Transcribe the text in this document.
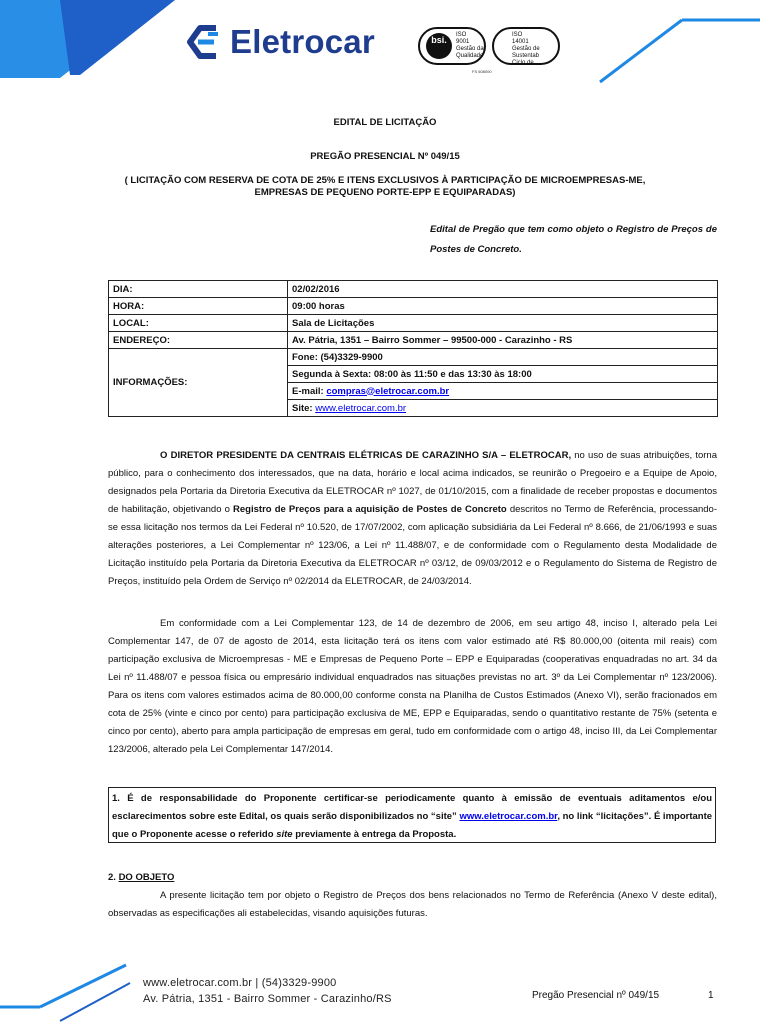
Eletrocar	bsi.	ISO
9001
Gestão da
Qualidade
ISO
14001
Gestão de
Sustentab
Ciclo de
FS 608000
EDITAL DE LICITAÇÃO
PREGÃO PRESENCIAL Nº 049/15
( LICITAÇÃO COM RESERVA DE COTA DE 25% E ITENS EXCLUSIVOS À PARTICIPAÇÃO DE MICROEMPRESAS-ME,
EMPRESAS DE PEQUENO PORTE-EPP E EQUIPARADAS)
Edital de Pregão que tem como objeto o Registro de Preços de Postes de Concreto.
DIA:	02/02/2016
HORA:	09:00 horas
LOCAL:	Sala de Licitações
ENDEREÇO:	Av. Pátria, 1351 – Bairro Sommer – 99500-000 - Carazinho - RS
INFORMAÇÕES:	Fone: (54)3329-9900
	Segunda à Sexta: 08:00 às 11:50 e das 13:30 às 18:00
	E-mail: compras@eletrocar.com.br
	Site: www.eletrocar.com.br
O DIRETOR PRESIDENTE DA CENTRAIS ELÉTRICAS DE CARAZINHO S/A – ELETROCAR, no uso de suas atribuições, torna público, para o conhecimento dos interessados, que na data, horário e local acima indicados, se reunirão o Pregoeiro e a Equipe de Apoio, designados pela Portaria da Diretoria Executiva da ELETROCAR nº 1027, de 01/10/2015, com a finalidade de receber propostas e documentos de habilitação, objetivando o Registro de Preços para a aquisição de Postes de Concreto descritos no Termo de Referência, processando-se essa licitação nos termos da Lei Federal nº 10.520, de 17/07/2002, com aplicação subsidiária da Lei Federal nº 8.666, de 21/06/1993 e suas alterações posteriores, a Lei Complementar nº 123/06, a Lei nº 11.488/07, e de conformidade com o Regulamento desta Modalidade de Licitação instituído pela Portaria da Diretoria Executiva da ELETROCAR nº 03/12, de 09/03/2012 e o Regulamento do Sistema de Registro de Preços, instituído pela Ordem de Serviço nº 02/2014 da ELETROCAR, de 24/03/2014.
Em conformidade com a Lei Complementar 123, de 14 de dezembro de 2006, em seu artigo 48, inciso I, alterado pela Lei Complementar 147, de 07 de agosto de 2014, esta licitação terá os itens com valor estimado até R$ 80.000,00 (oitenta mil reais) com participação exclusiva de Microempresas - ME e Empresas de Pequeno Porte – EPP e Equiparadas (cooperativas enquadradas no art. 34 da Lei nº 11.488/07 e pessoa física ou empresário individual enquadrados nas situações previstas no art. 3º da Lei Complementar nº 123/2006). Para os itens com valores estimados acima de 80.000,00 conforme consta na Planilha de Custos Estimados (Anexo VI), serão fracionados em cota de 25% (vinte e cinco por cento) para participação exclusiva de ME, EPP e Equiparadas, sendo o quantitativo restante de 75% (setenta e cinco por cento), aberto para ampla participação de empresas em geral, tudo em conformidade com o artigo 48, inciso III, da Lei Complementar 123/2006, alterado pela Lei Complementar 147/2014.
1. É de responsabilidade do Proponente certificar-se periodicamente quanto à emissão de eventuais aditamentos e/ou esclarecimentos sobre este Edital, os quais serão disponibilizados no “site” www.eletrocar.com.br, no link “licitações”. É importante que o Proponente acesse o referido site previamente à entrega da Proposta.
2. DO OBJETO
A presente licitação tem por objeto o Registro de Preços dos bens relacionados no Termo de Referência (Anexo V deste edital), observadas as especificações ali estabelecidas, visando aquisições futuras.
www.eletrocar.com.br | (54)3329-9900
Av. Pátria, 1351 - Bairro Sommer - Carazinho/RS	Pregão Presencial nº 049/15	1
